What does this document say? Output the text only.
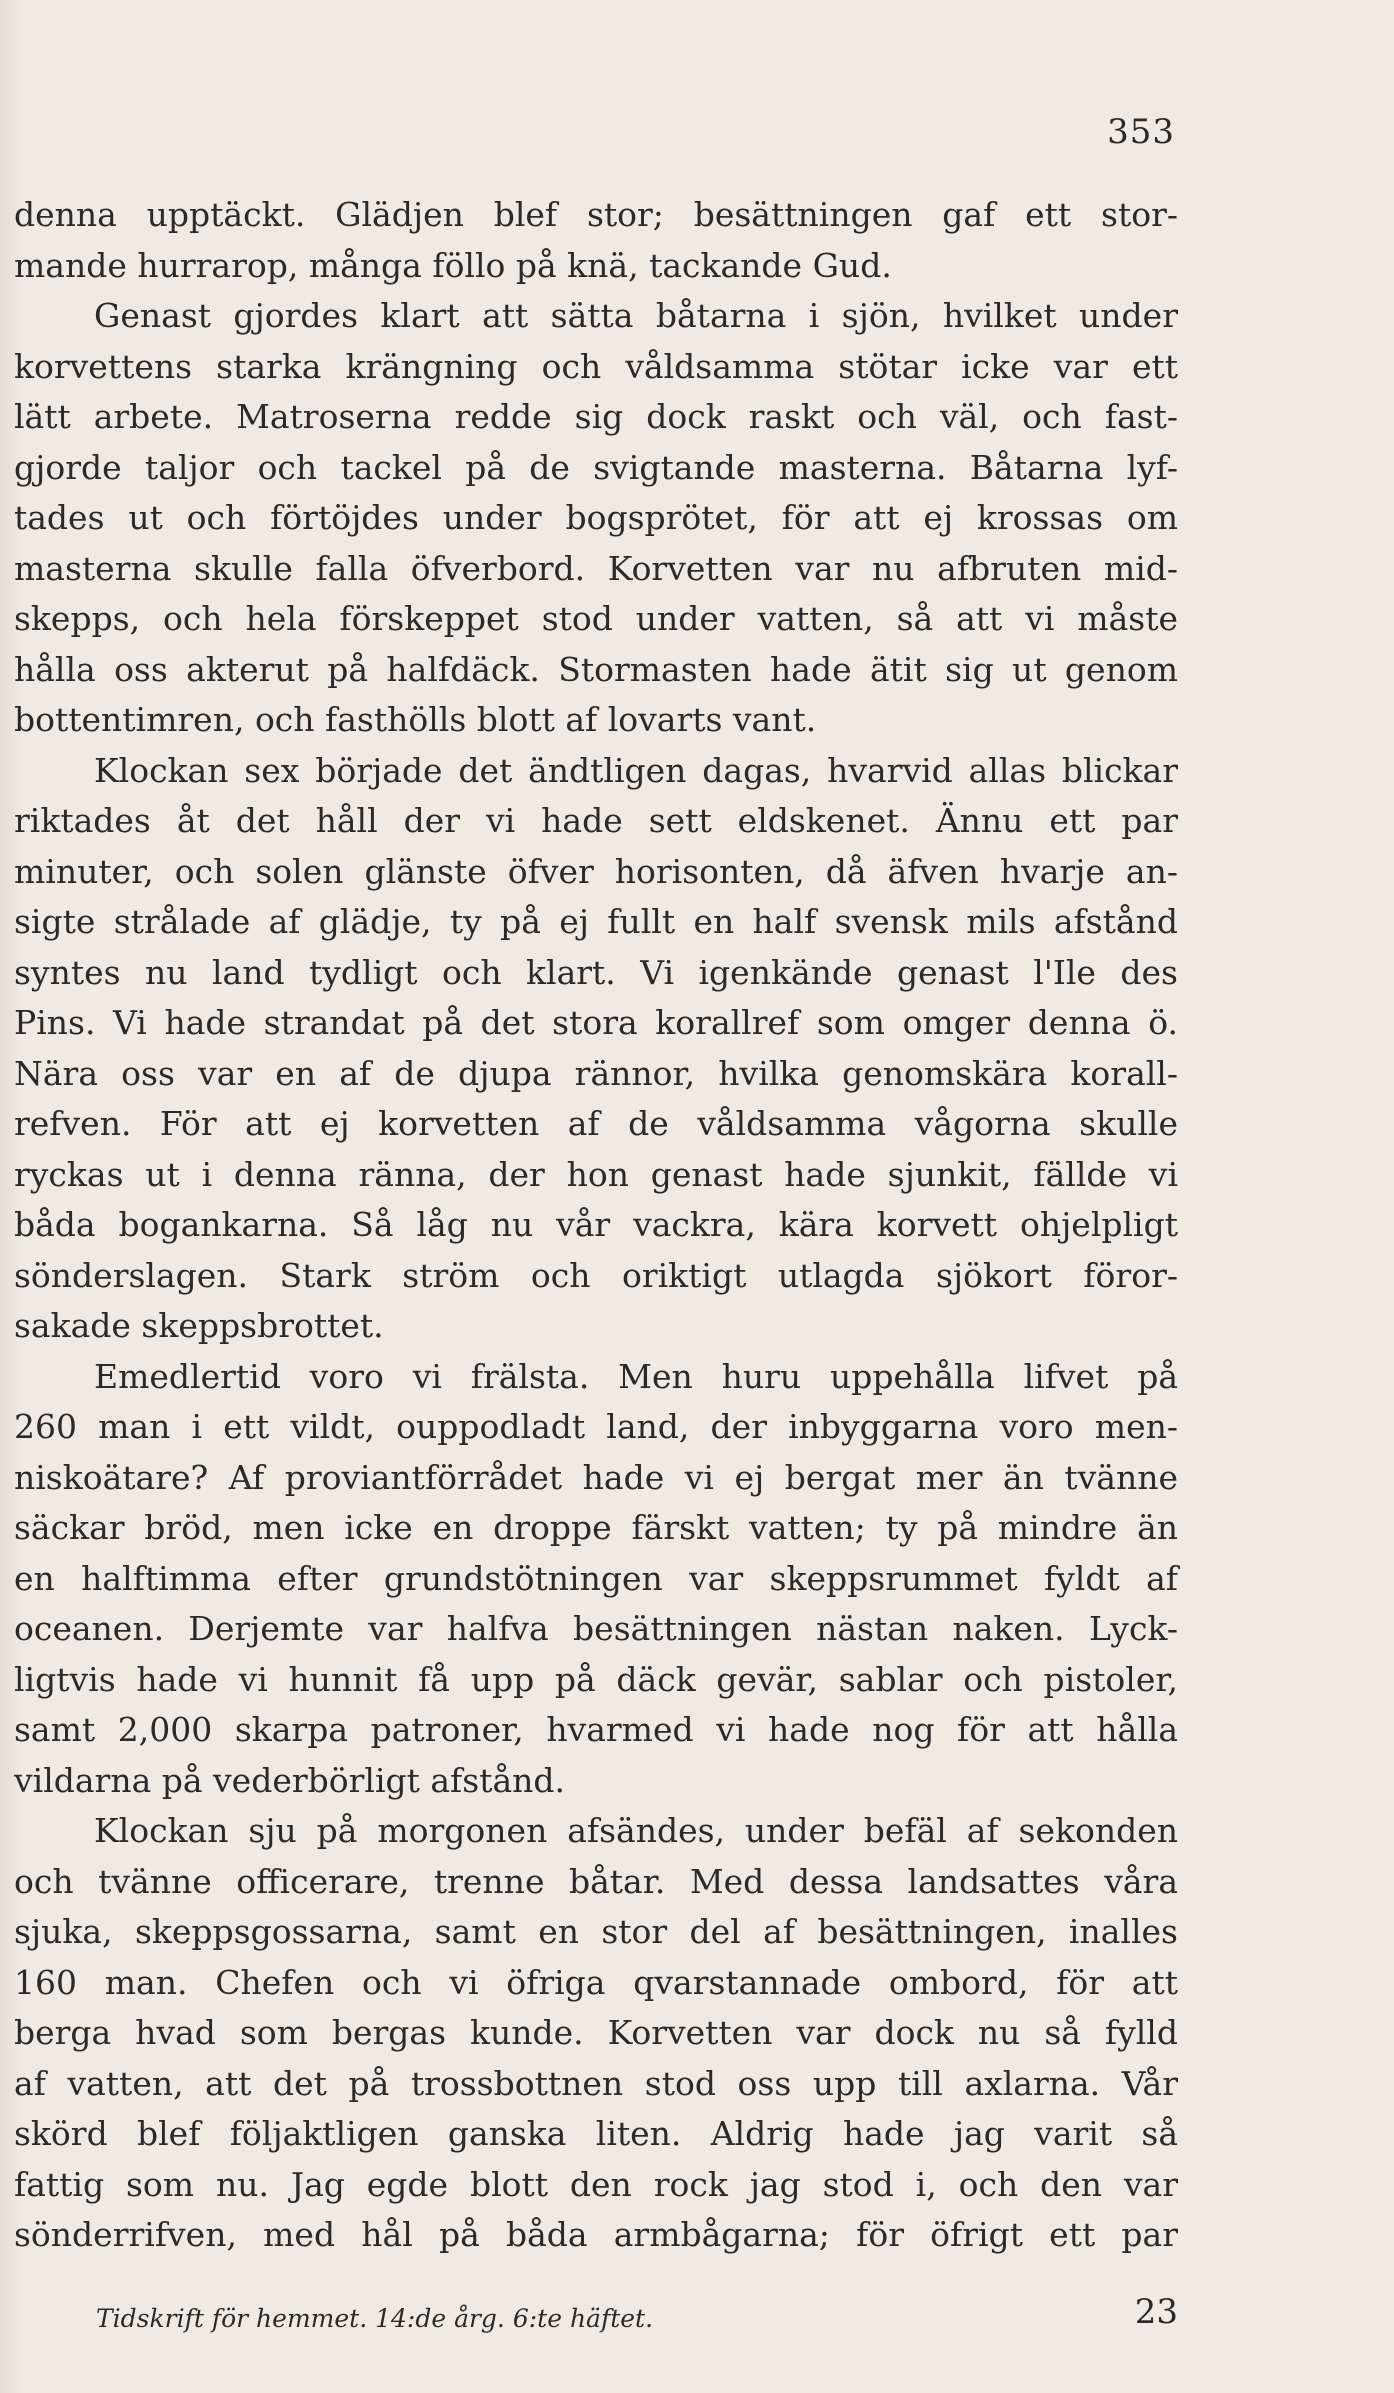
353
denna upptäckt. Glädjen blef stor; besättningen gaf ett stor-
mande hurrarop, många föllo på knä, tackande Gud.
Genast gjordes klart att sätta båtarna i sjön, hvilket under
korvettens starka krängning och våldsamma stötar icke var ett
lätt arbete. Matroserna redde sig dock raskt och väl, och fast-
gjorde taljor och tackel på de svigtande masterna. Båtarna lyf-
tades ut och förtöjdes under bogsprötet, för att ej krossas om
masterna skulle falla öfverbord. Korvetten var nu afbruten mid-
skepps, och hela förskeppet stod under vatten, så att vi måste
hålla oss akterut på halfdäck. Stormasten hade ätit sig ut genom
bottentimren, och fasthölls blott af lovarts vant.
Klockan sex började det ändtligen dagas, hvarvid allas blickar
riktades åt det håll der vi hade sett eldskenet. Ännu ett par
minuter, och solen glänste öfver horisonten, då äfven hvarje an-
sigte strålade af glädje, ty på ej fullt en half svensk mils afstånd
syntes nu land tydligt och klart. Vi igenkände genast l'Ile des
Pins. Vi hade strandat på det stora korallref som omger denna ö.
Nära oss var en af de djupa rännor, hvilka genomskära korall-
refven. För att ej korvetten af de våldsamma vågorna skulle
ryckas ut i denna ränna, der hon genast hade sjunkit, fällde vi
båda bogankarna. Så låg nu vår vackra, kära korvett ohjelpligt
sönderslagen. Stark ström och oriktigt utlagda sjökort föror-
sakade skeppsbrottet.
Emedlertid voro vi frälsta. Men huru uppehålla lifvet på
260 man i ett vildt, ouppodladt land, der inbyggarna voro men-
niskoätare? Af proviantförrådet hade vi ej bergat mer än tvänne
säckar bröd, men icke en droppe färskt vatten; ty på mindre än
en halftimma efter grundstötningen var skeppsrummet fyldt af
oceanen. Derjemte var halfva besättningen nästan naken. Lyck-
ligtvis hade vi hunnit få upp på däck gevär, sablar och pistoler,
samt 2,000 skarpa patroner, hvarmed vi hade nog för att hålla
vildarna på vederbörligt afstånd.
Klockan sju på morgonen afsändes, under befäl af sekonden
och tvänne officerare, trenne båtar. Med dessa landsattes våra
sjuka, skeppsgossarna, samt en stor del af besättningen, inalles
160 man. Chefen och vi öfriga qvarstannade ombord, för att
berga hvad som bergas kunde. Korvetten var dock nu så fylld
af vatten, att det på trossbottnen stod oss upp till axlarna. Vår
skörd blef följaktligen ganska liten. Aldrig hade jag varit så
fattig som nu. Jag egde blott den rock jag stod i, och den var
sönderrifven, med hål på båda armbågarna; för öfrigt ett par
Tidskrift för hemmet. 14:de årg. 6:te häftet.	23
